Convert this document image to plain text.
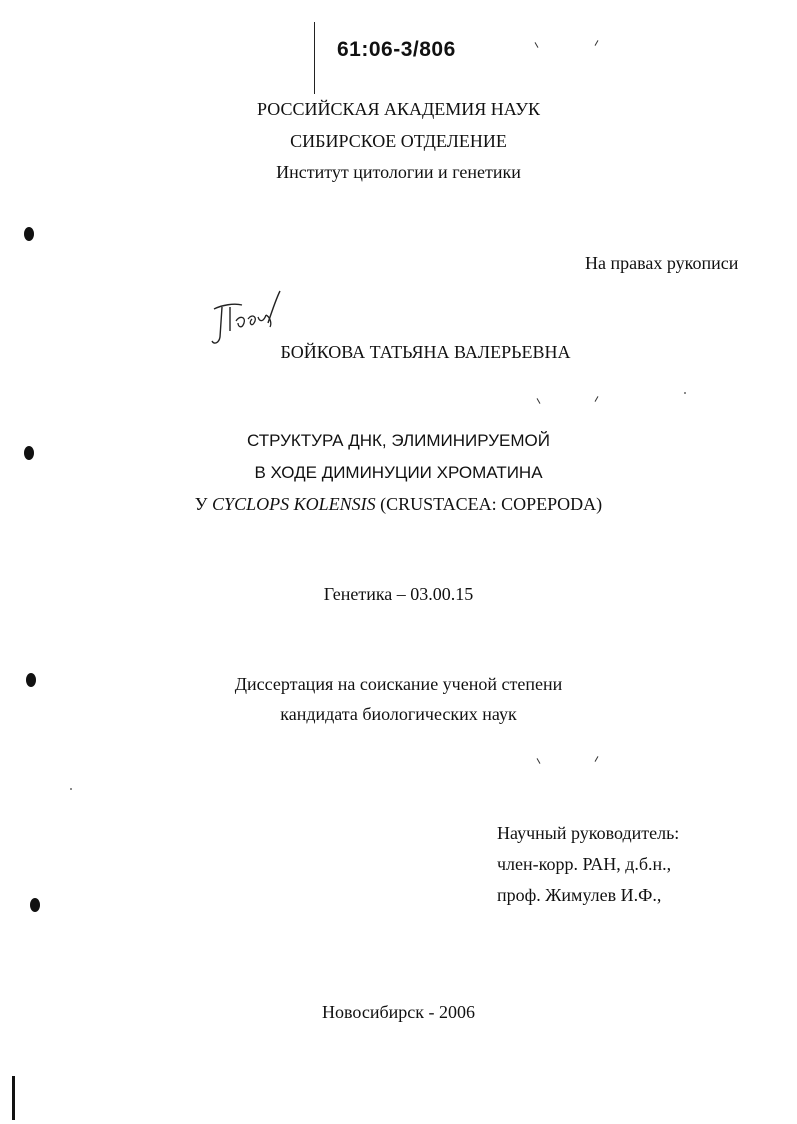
61:06-3/806
РОССИЙСКАЯ АКАДЕМИЯ НАУК
СИБИРСКОЕ ОТДЕЛЕНИЕ
Институт цитологии и генетики
На правах рукописи
БОЙКОВА ТАТЬЯНА ВАЛЕРЬЕВНА
СТРУКТУРА ДНК, ЭЛИМИНИРУЕМОЙ
В ХОДЕ ДИМИНУЦИИ ХРОМАТИНА
У CYCLOPS KOLENSIS (CRUSTACEA: COPEPODA)
Генетика – 03.00.15
Диссертация на соискание ученой степени
кандидата биологических наук
Научный руководитель:
член-корр. РАН, д.б.н.,
проф. Жимулев И.Ф.,
Новосибирск - 2006
